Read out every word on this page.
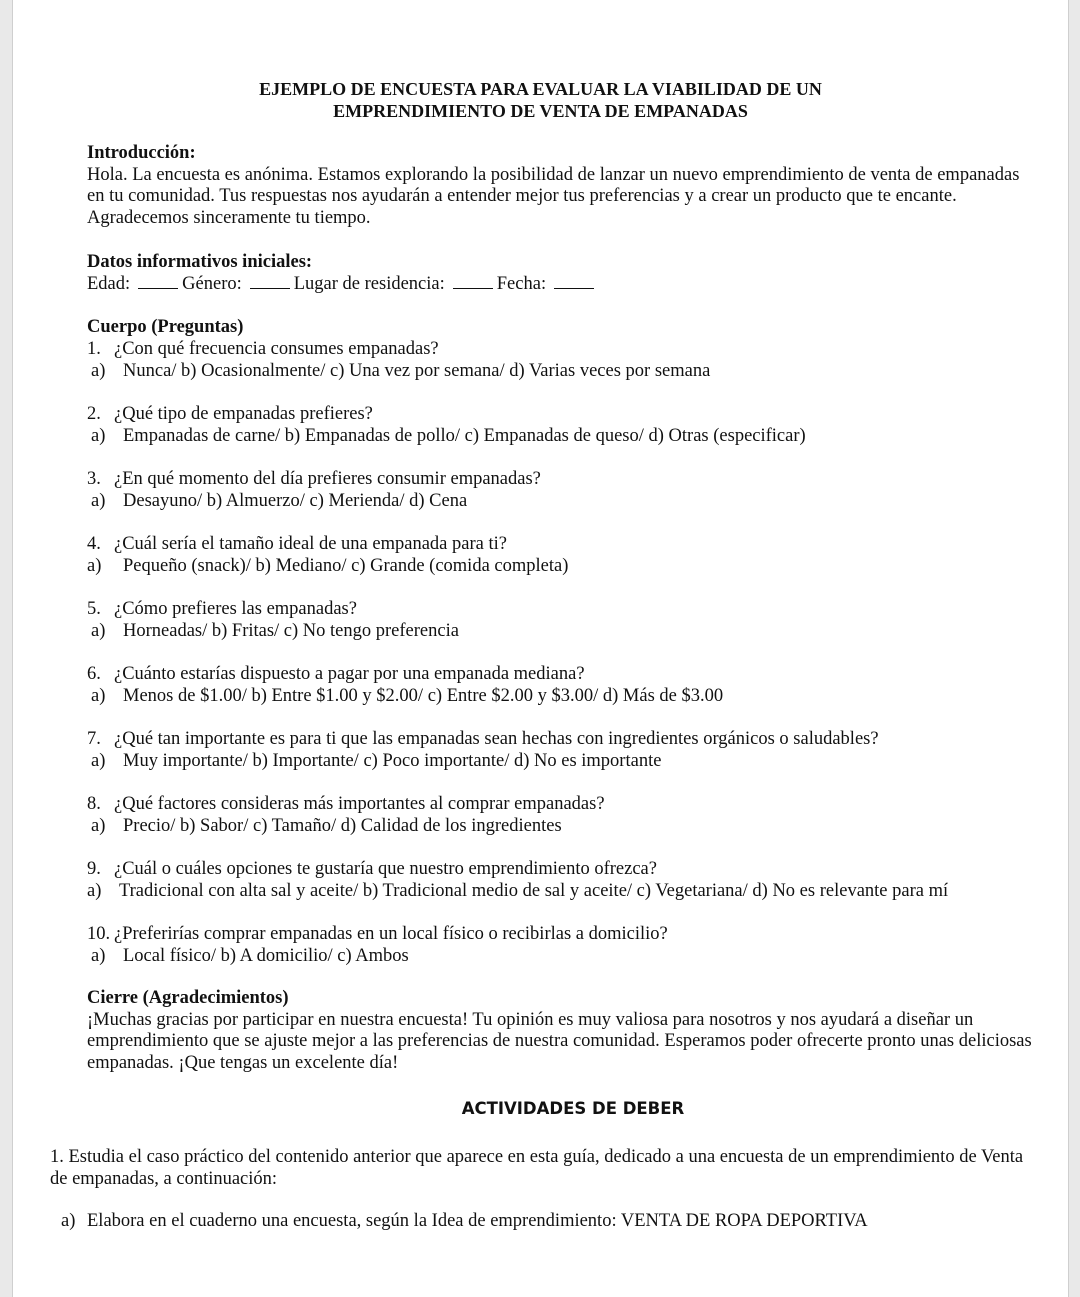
EJEMPLO DE ENCUESTA PARA EVALUAR LA VIABILIDAD DE UN
EMPRENDIMIENTO DE VENTA DE EMPANADAS
Introducción:
Hola. La encuesta es anónima. Estamos explorando la posibilidad de lanzar un nuevo emprendimiento de venta de empanadas en tu comunidad. Tus respuestas nos ayudarán a entender mejor tus preferencias y a crear un producto que te encante. Agradecemos sinceramente tu tiempo.
Datos informativos iniciales:
Edad:	Género:	Lugar de residencia:	Fecha:
Cuerpo (Preguntas)
1. ¿Con qué frecuencia consumes empanadas?
a) Nunca/ b) Ocasionalmente/ c) Una vez por semana/ d) Varias veces por semana
2. ¿Qué tipo de empanadas prefieres?
a) Empanadas de carne/ b) Empanadas de pollo/ c) Empanadas de queso/ d) Otras (especificar)
3. ¿En qué momento del día prefieres consumir empanadas?
a) Desayuno/ b) Almuerzo/ c) Merienda/ d) Cena
4. ¿Cuál sería el tamaño ideal de una empanada para ti?
a) Pequeño (snack)/ b) Mediano/ c) Grande (comida completa)
5. ¿Cómo prefieres las empanadas?
a) Horneadas/ b) Fritas/ c) No tengo preferencia
6. ¿Cuánto estarías dispuesto a pagar por una empanada mediana?
a) Menos de $1.00/ b) Entre $1.00 y $2.00/ c) Entre $2.00 y $3.00/ d) Más de $3.00
7. ¿Qué tan importante es para ti que las empanadas sean hechas con ingredientes orgánicos o saludables?
a) Muy importante/ b) Importante/ c) Poco importante/ d) No es importante
8. ¿Qué factores consideras más importantes al comprar empanadas?
a) Precio/ b) Sabor/ c) Tamaño/ d) Calidad de los ingredientes
9. ¿Cuál o cuáles opciones te gustaría que nuestro emprendimiento ofrezca?
a) Tradicional con alta sal y aceite/ b) Tradicional medio de sal y aceite/ c) Vegetariana/ d) No es relevante para mí
10. ¿Preferirías comprar empanadas en un local físico o recibirlas a domicilio?
a) Local físico/ b) A domicilio/ c) Ambos
Cierre (Agradecimientos)
¡Muchas gracias por participar en nuestra encuesta! Tu opinión es muy valiosa para nosotros y nos ayudará a diseñar un emprendimiento que se ajuste mejor a las preferencias de nuestra comunidad. Esperamos poder ofrecerte pronto unas deliciosas empanadas. ¡Que tengas un excelente día!
ACTIVIDADES DE DEBER
1. Estudia el caso práctico del contenido anterior que aparece en esta guía, dedicado a una encuesta de un emprendimiento de Venta de empanadas, a continuación:
a) Elabora en el cuaderno una encuesta, según la Idea de emprendimiento: VENTA DE ROPA DEPORTIVA
